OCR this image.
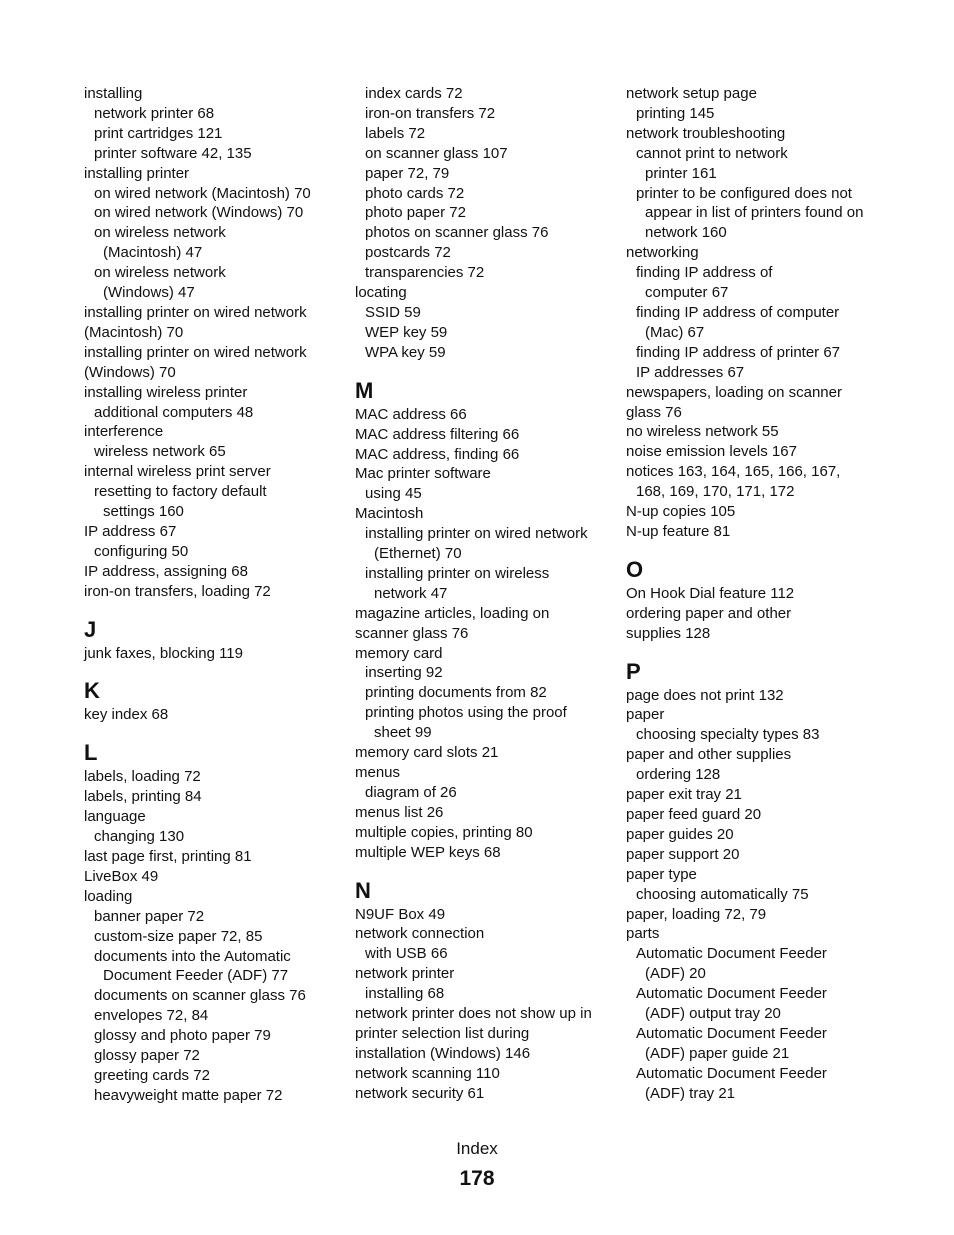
installing
network printer 68
print cartridges 121
printer software 42, 135
installing printer
on wired network (Macintosh) 70
on wired network (Windows) 70
on wireless network
(Macintosh) 47
on wireless network
(Windows) 47
installing printer on wired network
(Macintosh) 70
installing printer on wired network
(Windows) 70
installing wireless printer
additional computers 48
interference
wireless network 65
internal wireless print server
resetting to factory default
settings 160
IP address 67
configuring 50
IP address, assigning 68
iron-on transfers, loading 72
J
junk faxes, blocking 119
K
key index 68
L
labels, loading 72
labels, printing 84
language
changing 130
last page first, printing 81
LiveBox 49
loading
banner paper 72
custom-size paper 72, 85
documents into the Automatic
Document Feeder (ADF) 77
documents on scanner glass 76
envelopes 72, 84
glossy and photo paper 79
glossy paper 72
greeting cards 72
heavyweight matte paper 72
index cards 72
iron-on transfers 72
labels 72
on scanner glass 107
paper 72, 79
photo cards 72
photo paper 72
photos on scanner glass 76
postcards 72
transparencies 72
locating
SSID 59
WEP key 59
WPA key 59
M
MAC address 66
MAC address filtering 66
MAC address, finding 66
Mac printer software
using 45
Macintosh
installing printer on wired network
(Ethernet) 70
installing printer on wireless
network 47
magazine articles, loading on
scanner glass 76
memory card
inserting 92
printing documents from 82
printing photos using the proof
sheet 99
memory card slots 21
menus
diagram of 26
menus list 26
multiple copies, printing 80
multiple WEP keys 68
N
N9UF Box 49
network connection
with USB 66
network printer
installing 68
network printer does not show up in
printer selection list during
installation (Windows) 146
network scanning 110
network security 61
network setup page
printing 145
network troubleshooting
cannot print to network
printer 161
printer to be configured does not
appear in list of printers found on
network 160
networking
finding IP address of
computer 67
finding IP address of computer
(Mac) 67
finding IP address of printer 67
IP addresses 67
newspapers, loading on scanner
glass 76
no wireless network 55
noise emission levels 167
notices 163, 164, 165, 166, 167,
168, 169, 170, 171, 172
N-up copies 105
N-up feature 81
O
On Hook Dial feature 112
ordering paper and other
supplies 128
P
page does not print 132
paper
choosing specialty types 83
paper and other supplies
ordering 128
paper exit tray 21
paper feed guard 20
paper guides 20
paper support 20
paper type
choosing automatically 75
paper, loading 72, 79
parts
Automatic Document Feeder
(ADF) 20
Automatic Document Feeder
(ADF) output tray 20
Automatic Document Feeder
(ADF) paper guide 21
Automatic Document Feeder
(ADF) tray 21
Index
178
